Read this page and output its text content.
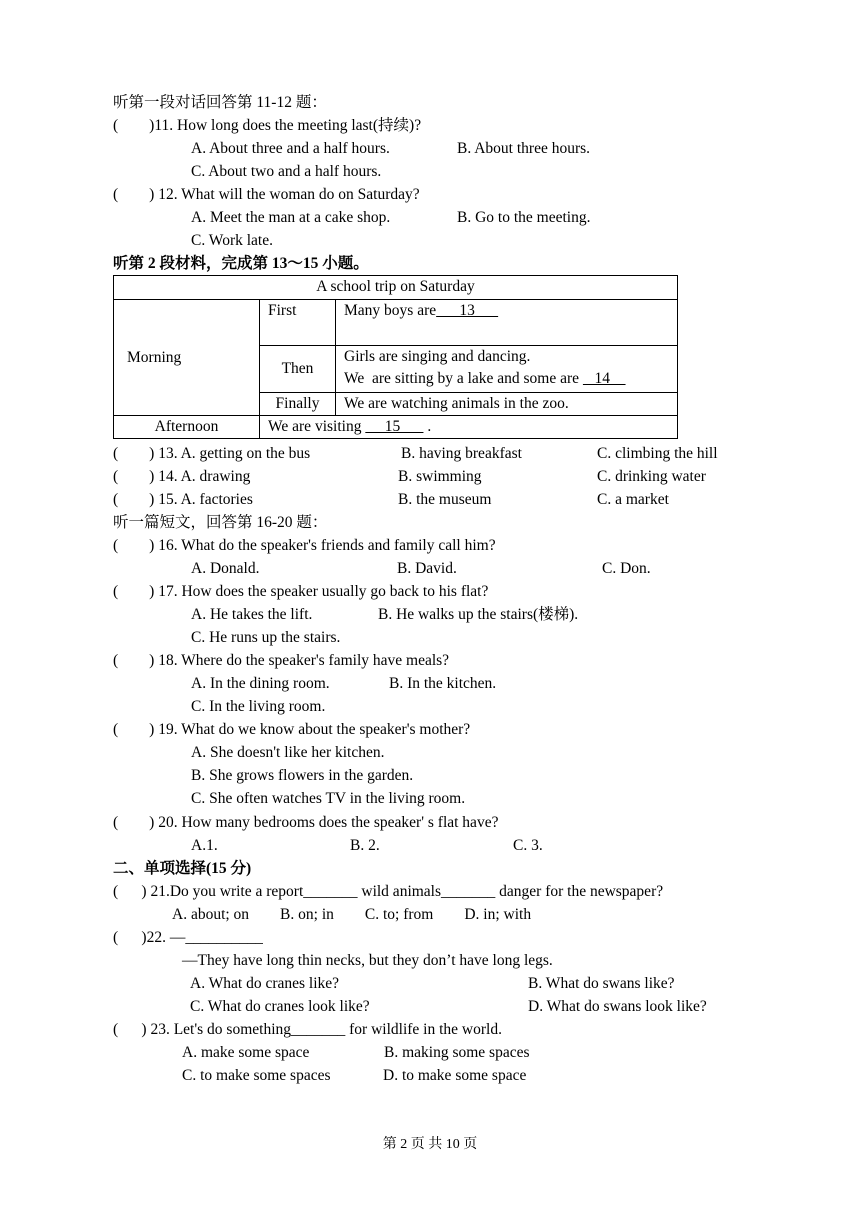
听第一段对话回答第 11-12 题：
(        )11. How long does the meeting last(持续)?
A. About three and a half hours.	B. About three hours.
C. About two and a half hours.
(        ) 12. What will the woman do on Saturday?
A. Meet the man at a cake shop.	B. Go to the meeting.
C. Work late.
听第 2 段材料，完成第 13～15 小题。
A school trip on Saturday		
Morning	First	Many boys are      13
	Then	Girls are singing and dancing.
We  are sitting by a lake and some are    14

	Finally	We are watching animals in the zoo.
Afternoon	We are visiting      15       .	
(        ) 13. A. getting on the bus	B. having breakfast	C. climbing the hill
(        ) 14. A. drawing	B. swimming	C. drinking water
(        ) 15. A. factories	B. the museum	C. a market
听一篇短文，回答第 16-20 题：
(        ) 16. What do the speaker's friends and family call him?
A. Donald.	B. David.	C. Don.
(        ) 17. How does the speaker usually go back to his flat?
A. He takes the lift.	B. He walks up the stairs(楼梯).
C. He runs up the stairs.
(        ) 18. Where do the speaker's family have meals?
A. In the dining room.	B. In the kitchen.
C. In the living room.
(        ) 19. What do we know about the speaker's mother?
A. She doesn't like her kitchen.
B. She grows flowers in the garden.
C. She often watches TV in the living room.
(        ) 20. How many bedrooms does the speaker' s flat have?
A.1.	B. 2.	C. 3.
二、单项选择(15 分)
(      ) 21.Do you write a report_______ wild animals_______ danger for the newspaper?
A. about; on        B. on; in        C. to; from        D. in; with
(      )22. —__________
—They have long thin necks, but they don’t have long legs.
A. What do cranes like?	B. What do swans like?
C. What do cranes look like?	D. What do swans look like?
(      ) 23. Let's do something_______ for wildlife in the world.
A. make some space	B. making some spaces
C. to make some spaces	D. to make some space
第 2 页 共 10 页
